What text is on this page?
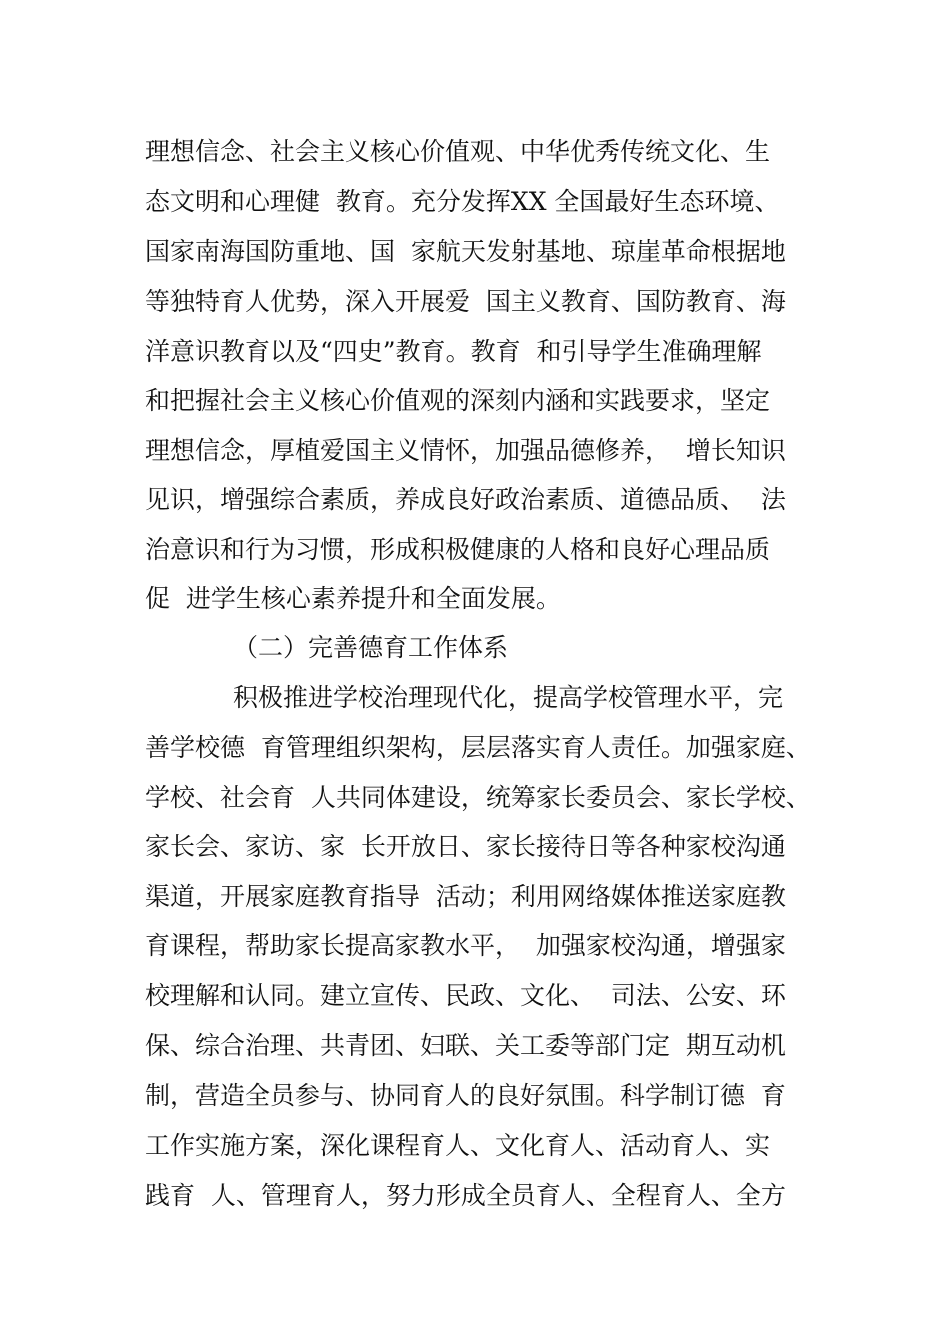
理想信念、社会主义核心价值观、中华优秀传统文化、生
态文明和心理健  教育。充分发挥XX 全国最好生态环境、
国家南海国防重地、国  家航天发射基地、琼崖革命根据地
等独特育人优势，深入开展爱  国主义教育、国防教育、海
洋意识教育以及“四史”教育。教育  和引导学生准确理解
和把握社会主义核心价值观的深刻内涵和实践要求，坚定
理想信念，厚植爱国主义情怀，加强品德修养，  增长知识
见识，增强综合素质，养成良好政治素质、道德品质、  法
治意识和行为习惯，形成积极健康的人格和良好心理品质
促  进学生核心素养提升和全面发展。
（二）完善德育工作体系
积极推进学校治理现代化，提高学校管理水平，完
善学校德  育管理组织架构，层层落实育人责任。加强家庭、
学校、社会育  人共同体建设，统筹家长委员会、家长学校、
家长会、家访、家  长开放日、家长接待日等各种家校沟通
渠道，开展家庭教育指导  活动；利用网络媒体推送家庭教
育课程，帮助家长提高家教水平，  加强家校沟通，增强家
校理解和认同。建立宣传、民政、文化、  司法、公安、环
保、综合治理、共青团、妇联、关工委等部门定  期互动机
制，营造全员参与、协同育人的良好氛围。科学制订德  育
工作实施方案，深化课程育人、文化育人、活动育人、实
践育  人、管理育人，努力形成全员育人、全程育人、全方
